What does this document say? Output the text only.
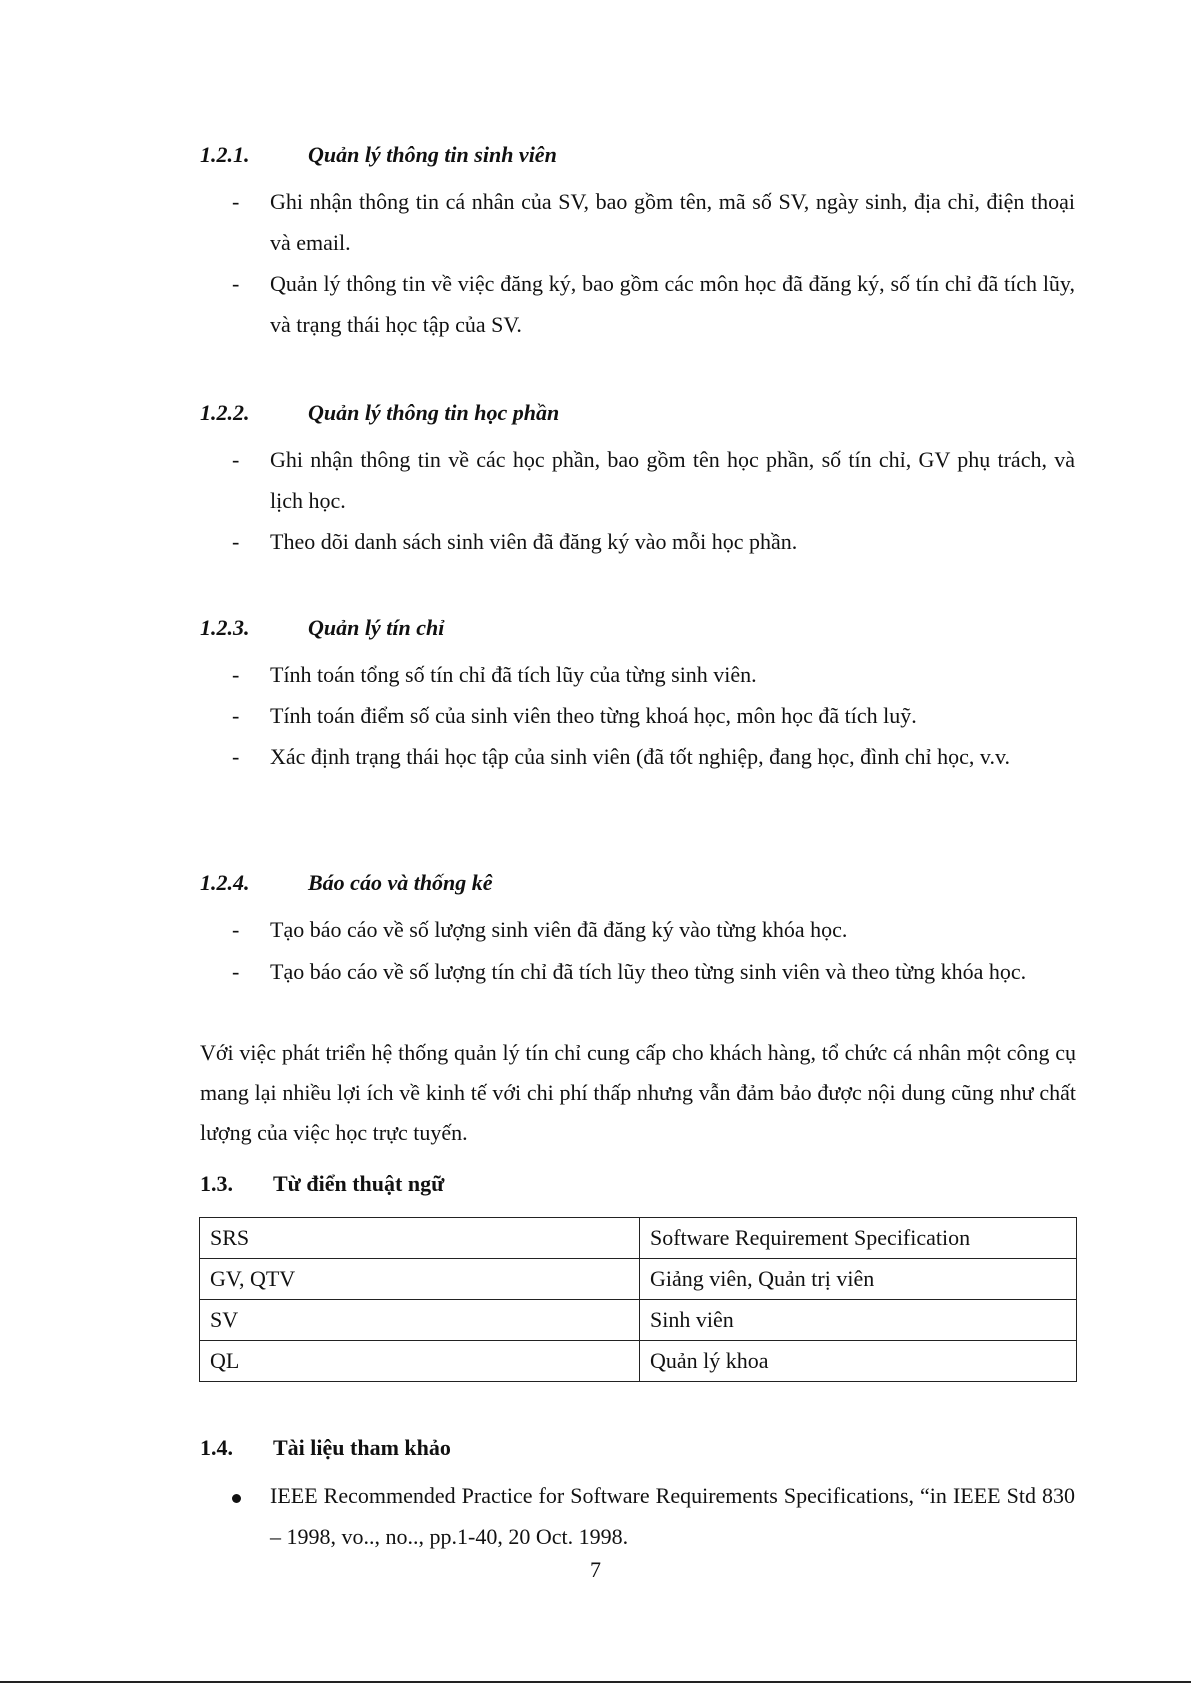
1.2.1.	Quản lý thông tin sinh viên
-	Ghi nhận thông tin cá nhân của SV, bao gồm tên, mã số SV, ngày sinh, địa chỉ, điện thoại và email.
-	Quản lý thông tin về việc đăng ký, bao gồm các môn học đã đăng ký, số tín chỉ đã tích lũy, và trạng thái học tập của SV.
1.2.2.	Quản lý thông tin học phần
-	Ghi nhận thông tin về các học phần, bao gồm tên học phần, số tín chỉ, GV phụ trách, và lịch học.
-	Theo dõi danh sách sinh viên đã đăng ký vào mỗi học phần.
1.2.3.	Quản lý tín chỉ
-	Tính toán tổng số tín chỉ đã tích lũy của từng sinh viên.
-	Tính toán điểm số của sinh viên theo từng khoá học, môn học đã tích luỹ.
-	Xác định trạng thái học tập của sinh viên (đã tốt nghiệp, đang học, đình chỉ học, v.v.
1.2.4.	Báo cáo và thống kê
-	Tạo báo cáo về số lượng sinh viên đã đăng ký vào từng khóa học.
-	Tạo báo cáo về số lượng tín chỉ đã tích lũy theo từng sinh viên và theo từng khóa học.
Với việc phát triển hệ thống quản lý tín chỉ cung cấp cho khách hàng, tổ chức cá nhân một công cụ mang lại nhiều lợi ích về kinh tế với chi phí thấp nhưng vẫn đảm bảo được nội dung cũng như chất lượng của việc học trực tuyến.
1.3. Từ điển thuật ngữ
SRS	Software Requirement Specification
GV, QTV	Giảng viên, Quản trị viên
SV	Sinh viên
QL	Quản lý khoa
1.4. Tài liệu tham khảo
IEEE Recommended Practice for Software Requirements Specifications, “in IEEE Std 830 – 1998, vo.., no.., pp.1-40, 20 Oct. 1998.
7
